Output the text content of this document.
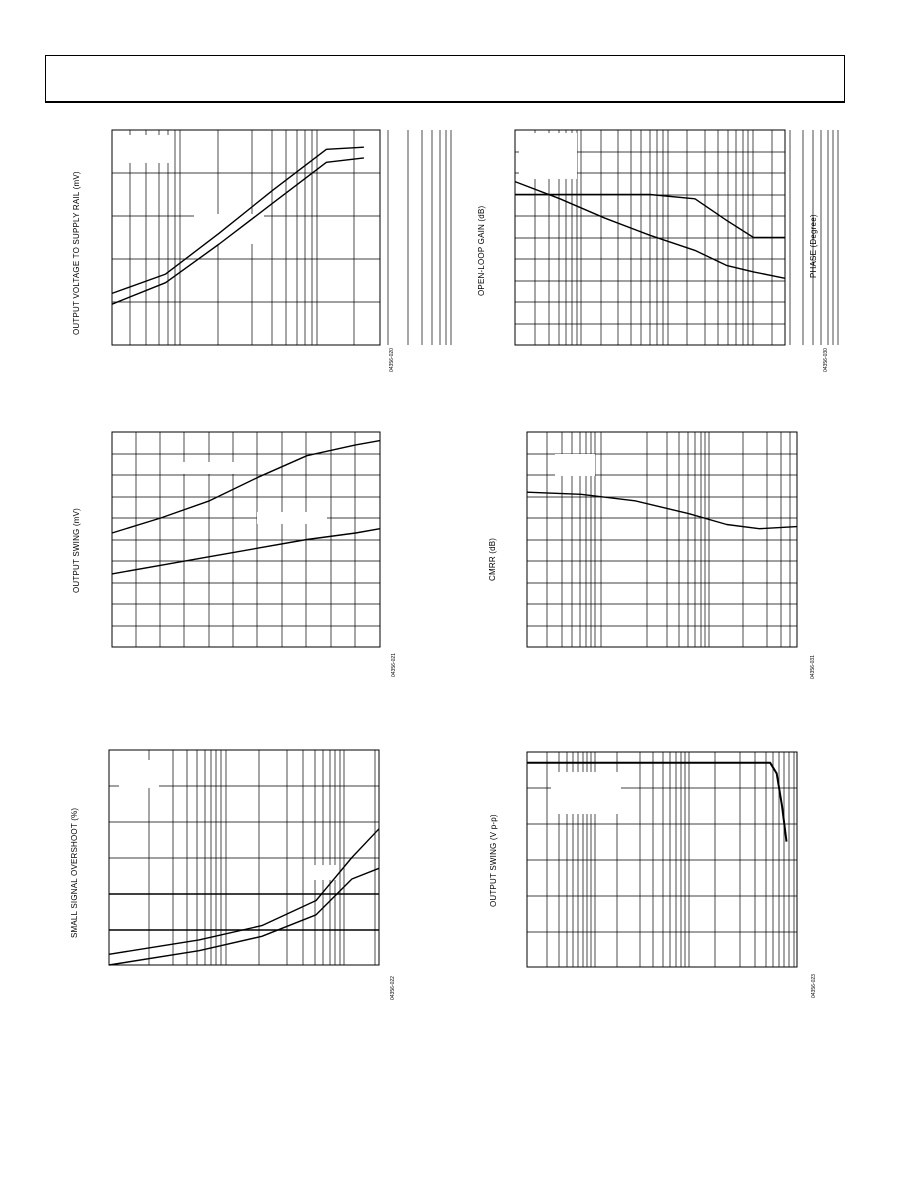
OUTPUT VOLTAGE TO SUPPLY RAIL (mV)
04356-020
OPEN-LOOP GAIN (dB)	PHASE (Degree)
04356-030
OUTPUT SWING (mV)
04356-021
CMRR (dB)
04356-031
SMALL SIGNAL OVERSHOOT (%)
04356-022
OUTPUT SWING (V p-p)
04356-023
